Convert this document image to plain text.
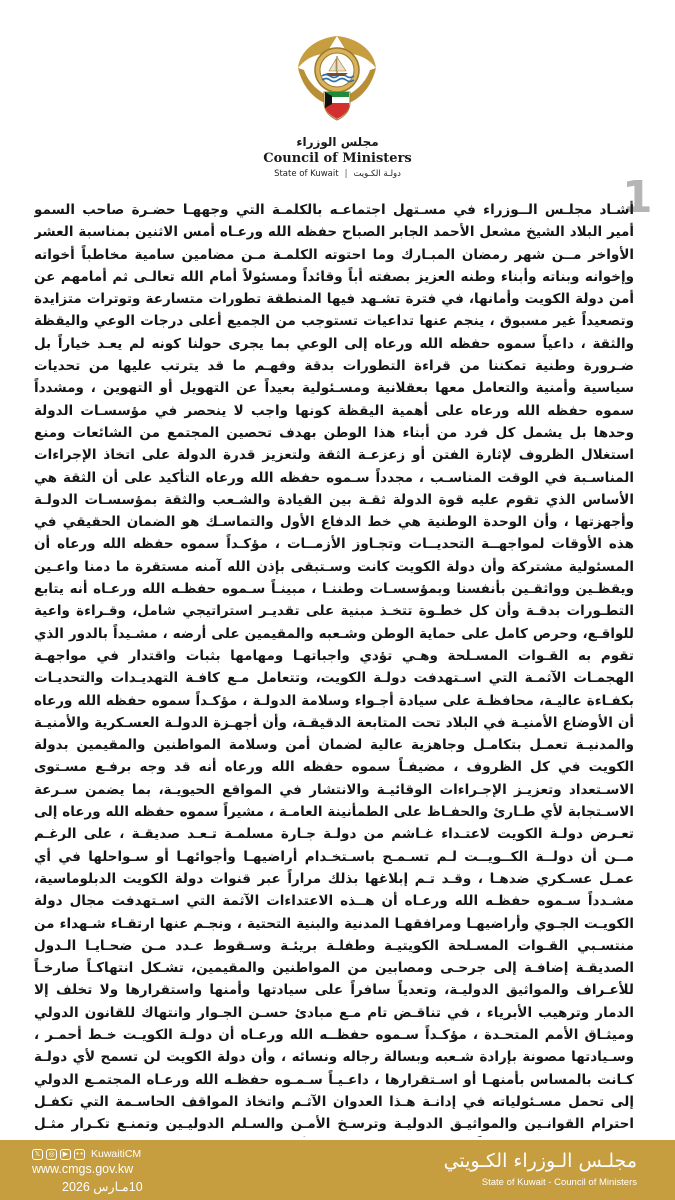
مجلس الوزراء
Council of Ministers
State of Kuwait | دولـة الكـويت	1
أشـاد مجلـس الــوزراء في مسـتهل اجتماعـه بالكلمـة التي وجههـا حضـرة صاحب السمو أمير البلاد الشيخ مشعل الأحمد الجابر الصباح حفظه الله ورعـاه أمس الاثنين بمناسبة العشر الأواخر مــن شهر رمضان المبـارك وما احتوته الكلمـة مـن مضامين سامية مخاطباً أخواته وإخوانه وبناته وأبناء وطنه العزيز بصفته أباً وقائداً ومسئولاً أمام الله تعالـى ثم أمامهم عن أمن دولة الكويت وأمانها، في فترة تشـهد فيها المنطقة تطورات متسارعة وتوترات متزايدة وتصعيداً غير مسبوق ، ينجم عنها تداعيات تستوجب من الجميع أعلى درجات الوعي واليقظة والثقة ، داعياً سموه حفظه الله ورعاه إلى الوعي بما يجرى حولنا كونه لم يعـد خياراً بل ضـرورة وطنية تمكننا من قراءة التطورات بدقة وفهـم ما قد يترتب عليها من تحديات سياسية وأمنية والتعامل معها بعقلانية ومسـئولية بعيداً عن التهويل أو التهوين ، ومشدداً سموه حفظه الله ورعاه على أهمية اليقظة كونها واجب لا ينحصر في مؤسسـات الدولة وحدها بل يشمل كل فرد من أبناء هذا الوطن بهدف تحصين المجتمع من الشائعات ومنع استغلال الظروف لإثارة الفتن أو زعزعـة الثقة ولتعزيز قدرة الدولة على اتخاذ الإجراءات المناسـبة في الوقت المناسـب ، مجدداً سـموه حفظه الله ورعاه التأكيد على أن الثقة هي الأساس الذي تقوم عليه قوة الدولة ثقـة بين القيادة والشـعب والثقة بمؤسسـات الدولـة وأجهزتها ، وأن الوحدة الوطنية هي خط الدفاع الأول والتماسـك هو الضمان الحقيقي في هذه الأوقات لمواجهــة التحديــات وتجـاوز الأزمــات ، مؤكـداً سموه حفظه الله ورعاه أن المسئولية مشتركة وأن دولة الكويت كانت وسـتبقى بإذن الله آمنه مستقرة ما دمنا واعـين ويقظـين وواثقـين بأنفسنا وبمؤسسـات وطننـا ، مبينـاً سـموه حفظـه الله ورعـاه أنه يتابع التطـورات بدقـة وأن كل خطـوة تتخـذ مبنية على تقديـر استراتيجي شامل، وقـراءة واعية للواقـع، وحرص كامل على حماية الوطن وشـعبه والمقيمين على أرضه ، مشـيداً بالدور الذي تقوم به القـوات المسـلحة وهـي تؤدي واجباتهـا ومهامها بثبات واقتدار في مواجهـة الهجمـات الآثمـة التي اسـتهدفت دولـة الكويت، وتتعامل مـع كافـة التهديـدات والتحديـات بكفـاءة عاليـة، محافظـة على سيادة أجـواء وسلامة الدولـة ، مؤكـداً سموه حفظه الله ورعاه أن الأوضاع الأمنيـة في البلاد تحت المتابعة الدقيقـة، وأن أجهـزة الدولـة العسـكرية والأمنيـة والمدنيـة تعمـل بتكامـل وجاهزية عالية لضمان أمن وسلامة المواطنين والمقيمين بدولة الكويت في كل الظروف ، مضيفـاً سموه حفظه الله ورعاه أنه قد وجه برفـع مسـتوى الاسـتعداد وتعزيـز الإجـراءات الوقائيـة والانتشار في المواقع الحيويـة، بما يضمن سـرعة الاسـتجابة لأي طـارئ والحفـاظ على الطمأنينة العامـة ، مشيراً سموه حفظه الله ورعاه إلى تعـرض دولـة الكويت لاعتـداء غـاشم من دولـة جـارة مسلمـة تـعـد صديقـة ، على الرغـم مــن أن دولــة الكــويــت لـم تسـمـح باسـتخـدام أراضيهـا وأجوائهـا أو سـواحلها في أي عمـل عسـكري ضدهـا ، وقـد تـم إبلاغها بذلك مراراً عبر قنوات دولة الكويت الدبلوماسية، مشـدداً سـموه حفظـه الله ورعـاه أن هــذه الاعتداءات الآثمة التي اسـتهدفت مجال دولة الكويـت الجـوي وأراضيهـا ومرافقهـا المدنية والبنية التحتية ، ونجـم عنها ارتقـاء شـهداء من منتسـبي القـوات المسـلحة الكويتيـة وطفلـة بريئـة وسـقوط عـدد مـن ضحـايـا الـدول الصديقـة إضافـة إلى جرحـى ومصابين من المواطنين والمقيمين، تشـكل انتهاكـاً صارخـاً للأعـراف والمواثيق الدوليـة، وتعدياً سافراً على سيادتها وأمنها واستقرارها ولا تخلف إلا الدمار وترهيب الأبرياء ، في تناقـض تام مـع مبادئ حسـن الجـوار وانتهاك للقانون الدولي وميثـاق الأمم المتحـدة ، مؤكـداً سـموه حفظــه الله ورعـاه أن دولـة الكويـت خـط أحمـر ، وسـيادتها مصونة بإرادة شـعبه وبسالة رجاله ونسائه ، وأن دولة الكويت لن تسمح لأي دولـة كـانت بالمساس بأمنهـا أو اسـتقرارها ، داعـيـاً سـمـوه حفظـه الله ورعـاه المجتمـع الدولي إلى تحمل مسـئولياته في إدانـة هـذا العدوان الآثـم واتخاذ المواقف الحاسـمة التي تكفـل احترام القوانـين والمواثيـق الدوليـة وترسـخ الأمـن والسـلم الدوليـين وتمنـع تكـرار مثـل
𝕏	◎	▶	•• KuwaitiCM
www.cmgs.gov.kw
10مـارس 2026
مجلـس الـوزراء الكـويتي
State of Kuwait - Council of Ministers
